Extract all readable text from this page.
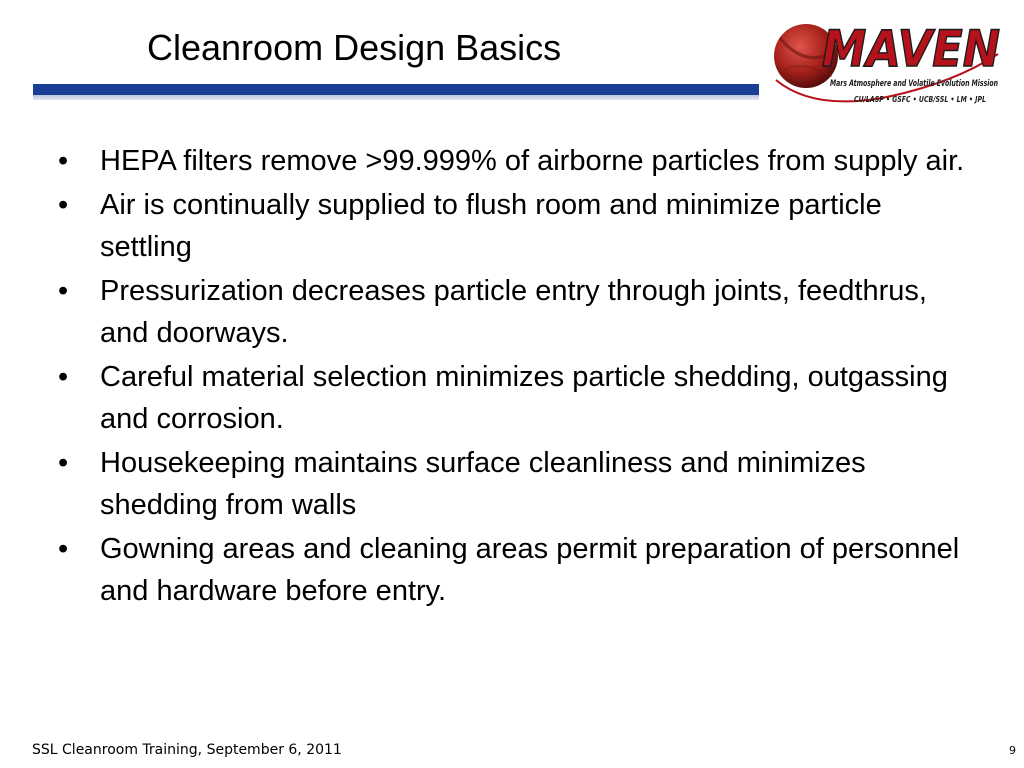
Cleanroom Design Basics	MAVEN
Mars Atmosphere and Volatile Evolution Mission
CU/LASP • GSFC • UCB/SSL • LM • JPL
•	HEPA filters remove >99.999% of airborne particles from supply air.
•	Air is continually supplied to flush room and minimize particle settling
•	Pressurization decreases particle entry through joints, feedthrus, and doorways.
•	Careful material selection minimizes particle shedding, outgassing and corrosion.
•	Housekeeping maintains surface cleanliness and minimizes shedding from walls
•	Gowning areas and cleaning areas permit preparation of personnel and hardware before entry.
SSL Cleanroom Training, September 6, 2011	9
